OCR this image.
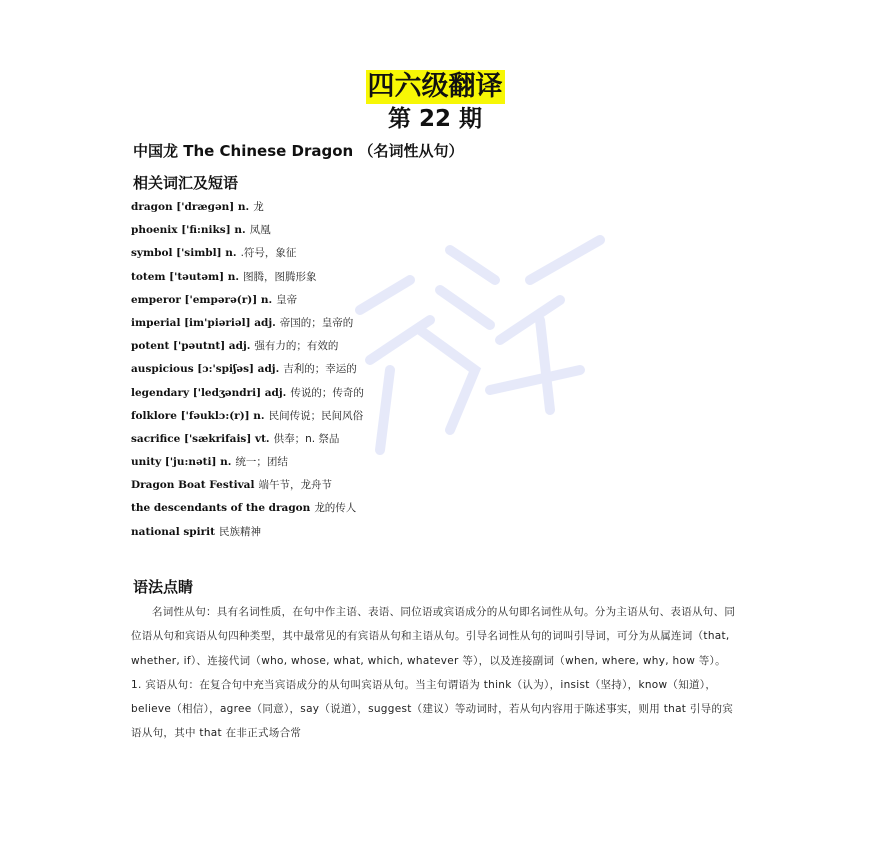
四六级翻译
第 22 期
中国龙 The Chinese Dragon （名词性从句）
相关词汇及短语
dragon ['dræɡən] n. 龙
phoenix ['fi:niks] n. 凤凰
symbol ['simbl] n. .符号，象征
totem ['təutəm] n. 图腾，图腾形象
emperor ['empərə(r)] n. 皇帝
imperial [im'piəriəl] adj. 帝国的；皇帝的
potent ['pəutnt] adj. 强有力的；有效的
auspicious [ɔ:'spiʃəs] adj. 吉利的；幸运的
legendary ['ledʒəndri] adj. 传说的；传奇的
folklore ['fəuklɔ:(r)] n. 民间传说；民间风俗
sacrifice ['sækrifais] vt. 供奉；n. 祭品
unity ['ju:nəti] n. 统一；团结
Dragon Boat Festival 端午节，龙舟节
the descendants of the dragon 龙的传人
national spirit 民族精神
语法点睛

名词性从句：具有名词性质，在句中作主语、表语、同位语或宾语成分的从句即名词性从句。分为主语从句、表语从句、同位语从句和宾语从句四种类型，其中最常见的有宾语从句和主语从句。引导名词性从句的词叫引导词，可分为从属连词（that, whether, if）、连接代词（who, whose, what, which, whatever 等），以及连接副词（when, where, why, how 等）。

1. 宾语从句：在复合句中充当宾语成分的从句叫宾语从句。当主句谓语为 think（认为），insist（坚持），know（知道）， believe（相信），agree（同意），say（说道），suggest（建议）等动词时，若从句内容用于陈述事实，则用 that 引导的宾语从句，其中 that 在非正式场合常
